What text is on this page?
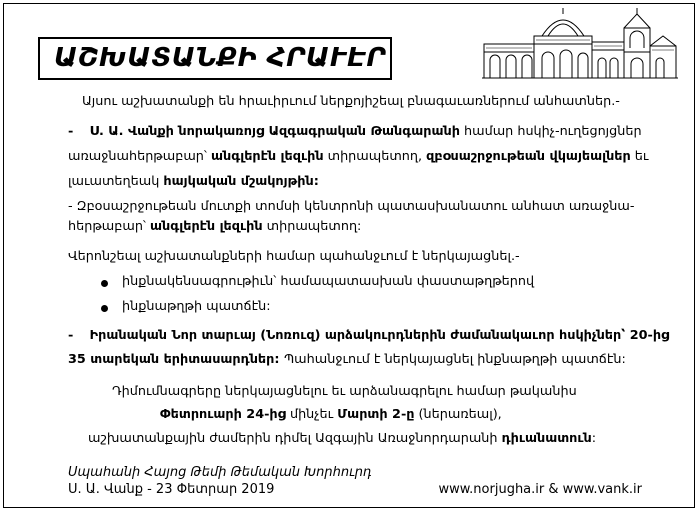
ԱՇԽԱՏԱՆՔԻ ՀՐԱՒԷՐ
Այսու աշխատանքի են հրաւիրւում ներքոյիշեալ բնագաւառներում անհատներ.-
- Ս. Ա. Վանքի նորակառոյց Ազգագրական Թանգարանի համար հսկիչ-ուղեցոյցներ
առաջնահերթաբար՝ անգլերէն լեզւին տիրապետող, զբօսաշրջութեան վկայեալներ եւ
լաւատեղեակ հայկական մշակոյթին:
- Զբօսաշրջութեան մուտքի տոմսի կենտրոնի պատասխանատու անհատ առաջնա-
հերթաբար՝ անգլերէն լեզւին տիրապետող:
Վերոնշեալ աշխատանքների համար պահանջւում է ներկայացնել.-
ինքնակենսագրութիւն՝ համապատասխան փաստաթղթերով
ինքնաթղթի պատճէն:
- Իրանական Նոր տարւայ (Նոռուզ) արձակուրդներին ժամանակաւոր հսկիչներ՝ 20-ից
35 տարեկան երիտասարդներ: Պահանջւում է ներկայացնել ինքնաթղթի պատճէն:
Դիմումնագրերը ներկայացնելու եւ արձանագրելու համար թականիս
Փետրուարի 24-ից մինչեւ Մարտի 2-ը (ներառեալ),
աշխատանքային ժամերին դիմել Ազգային Առաջնորդարանի դիւանատուն:
Սպահանի Հայոց Թեմի Թեմական Խորհուրդ
Ս. Ա. Վանք - 23 Փետրար 2019	www.norjugha.ir & www.vank.ir
